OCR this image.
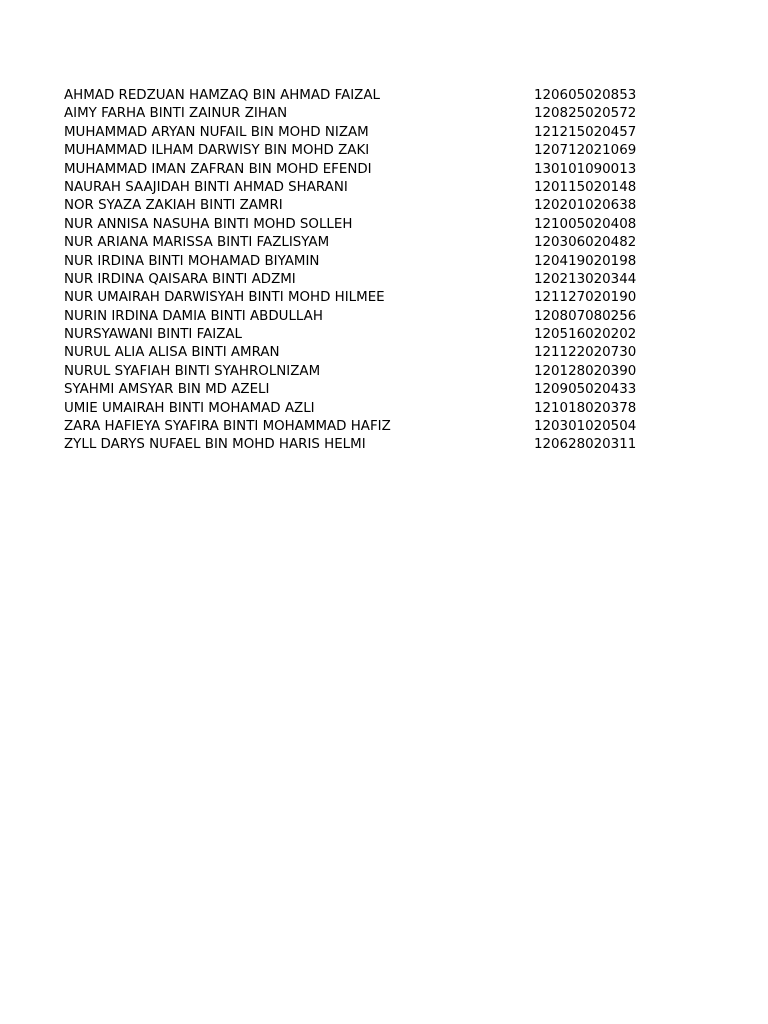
AHMAD REDZUAN HAMZAQ BIN AHMAD FAIZAL	120605020853
AIMY FARHA BINTI ZAINUR ZIHAN	120825020572
MUHAMMAD ARYAN NUFAIL BIN MOHD NIZAM	121215020457
MUHAMMAD ILHAM DARWISY BIN MOHD ZAKI	120712021069
MUHAMMAD IMAN ZAFRAN BIN MOHD EFENDI	130101090013
NAURAH SAAJIDAH BINTI AHMAD SHARANI	120115020148
NOR SYAZA ZAKIAH BINTI ZAMRI	120201020638
NUR ANNISA NASUHA BINTI MOHD SOLLEH	121005020408
NUR ARIANA MARISSA BINTI FAZLISYAM	120306020482
NUR IRDINA BINTI MOHAMAD BIYAMIN	120419020198
NUR IRDINA QAISARA BINTI ADZMI	120213020344
NUR UMAIRAH DARWISYAH BINTI MOHD HILMEE	121127020190
NURIN IRDINA DAMIA BINTI ABDULLAH	120807080256
NURSYAWANI BINTI FAIZAL	120516020202
NURUL ALIA ALISA BINTI AMRAN	121122020730
NURUL SYAFIAH BINTI SYAHROLNIZAM	120128020390
SYAHMI AMSYAR BIN MD AZELI	120905020433
UMIE UMAIRAH BINTI MOHAMAD AZLI	121018020378
ZARA HAFIEYA SYAFIRA BINTI MOHAMMAD HAFIZ	120301020504
ZYLL DARYS NUFAEL BIN MOHD HARIS HELMI	120628020311
